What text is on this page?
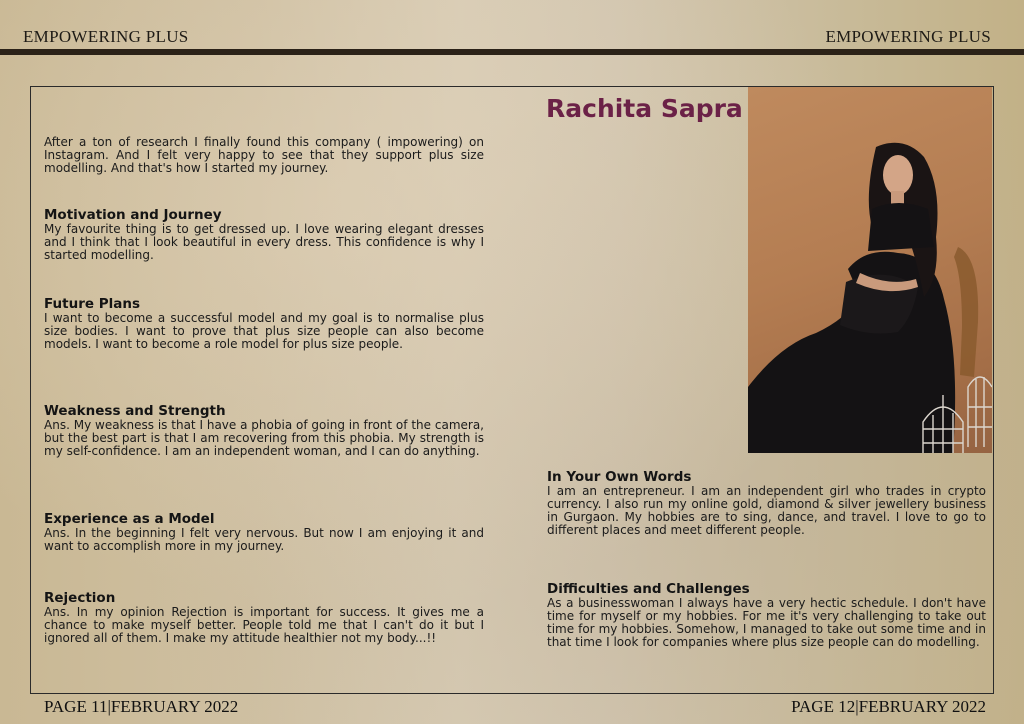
EMPOWERING PLUS	EMPOWERING PLUS
Rachita Sapra

After a ton of research I finally found this company ( impowering) on Instagram. And I felt very happy to see that they support plus size modelling. And that's how I started my journey.

Motivation and Journey

My favourite thing is to get dressed up. I love wearing elegant dresses and I think that I look beautiful in every dress. This confidence is why I started modelling.

Future Plans

I want to become a successful model and my goal is to normalise plus size bodies. I want to prove that plus size people can also become models. I want to become a role model for plus size people.

Weakness and Strength

Ans. My weakness is that I have a phobia of going in front of the camera, but the best part is that I am recovering from this phobia. My strength is my self-confidence. I am an independent woman, and I can do anything.

Experience as a Model

Ans. In the beginning I felt very nervous. But now I am enjoying it and want to accomplish more in my journey.

Rejection

Ans. In my opinion Rejection is important for success. It gives me a chance to make myself better. People told me that I can't do it but I ignored all of them. I make my attitude healthier not my body...!!

In Your Own Words

I am an entrepreneur. I am an independent girl who trades in crypto currency. I also run my online gold, diamond & silver jewellery business in Gurgaon. My hobbies are to sing, dance, and travel. I love to go to different places and meet different people.

Difficulties and Challenges

As a businesswoman I always have a very hectic schedule. I don't have time for myself or my hobbies. For me it's very challenging to take out time for my hobbies. Somehow, I managed to take out some time and in that time I look for companies where plus size people can do modelling.

PAGE 11|FEBRUARY 2022	PAGE 12|FEBRUARY 2022
